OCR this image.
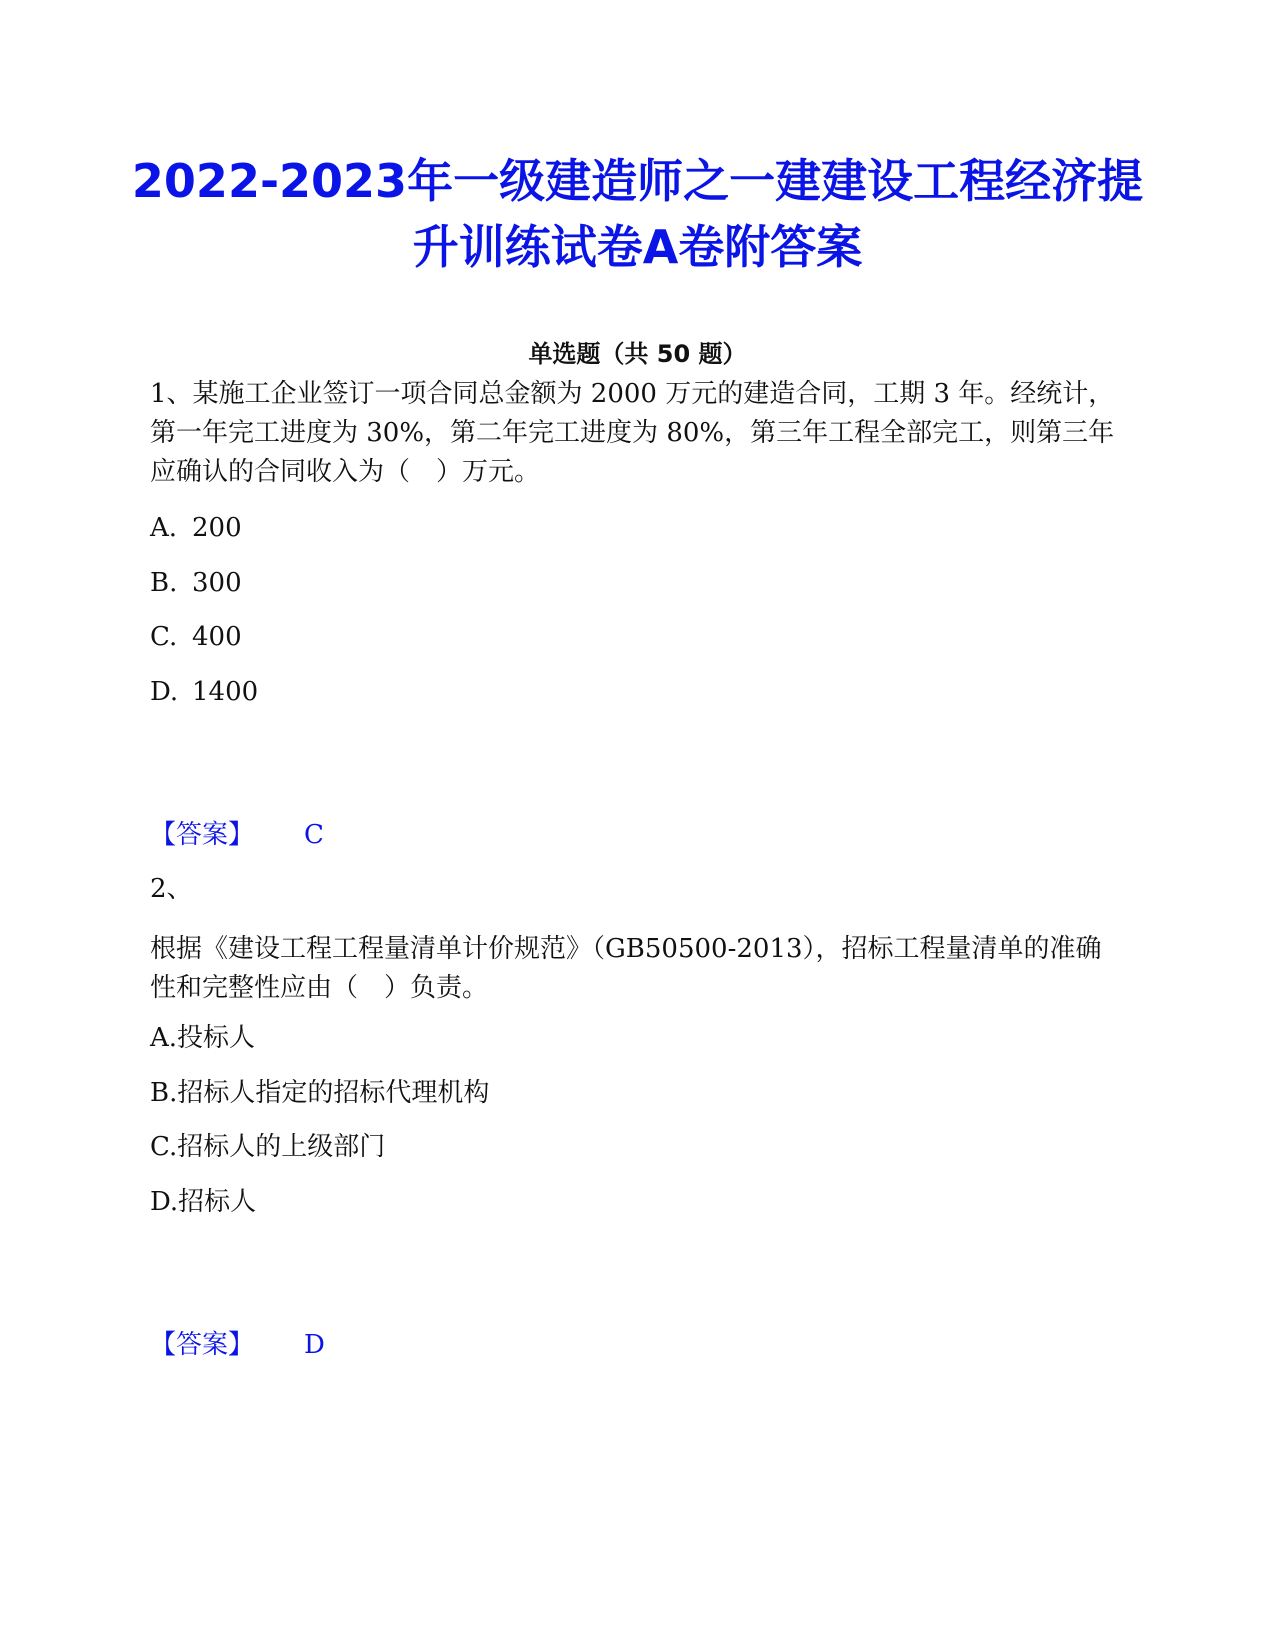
2022-2023年一级建造师之一建建设工程经济提升训练试卷A卷附答案
单选题（共 50 题）
1、某施工企业签订一项合同总金额为 2000 万元的建造合同，工期 3 年。经统计，第一年完工进度为 30%，第二年完工进度为 80%，第三年工程全部完工，则第三年应确认的合同收入为（　）万元。
A. 200
B. 300
C. 400
D. 1400
【答案】 C
2、
根据《建设工程工程量清单计价规范》（GB50500-2013），招标工程量清单的准确性和完整性应由（　）负责。
A.投标人
B.招标人指定的招标代理机构
C.招标人的上级部门
D.招标人
【答案】 D
